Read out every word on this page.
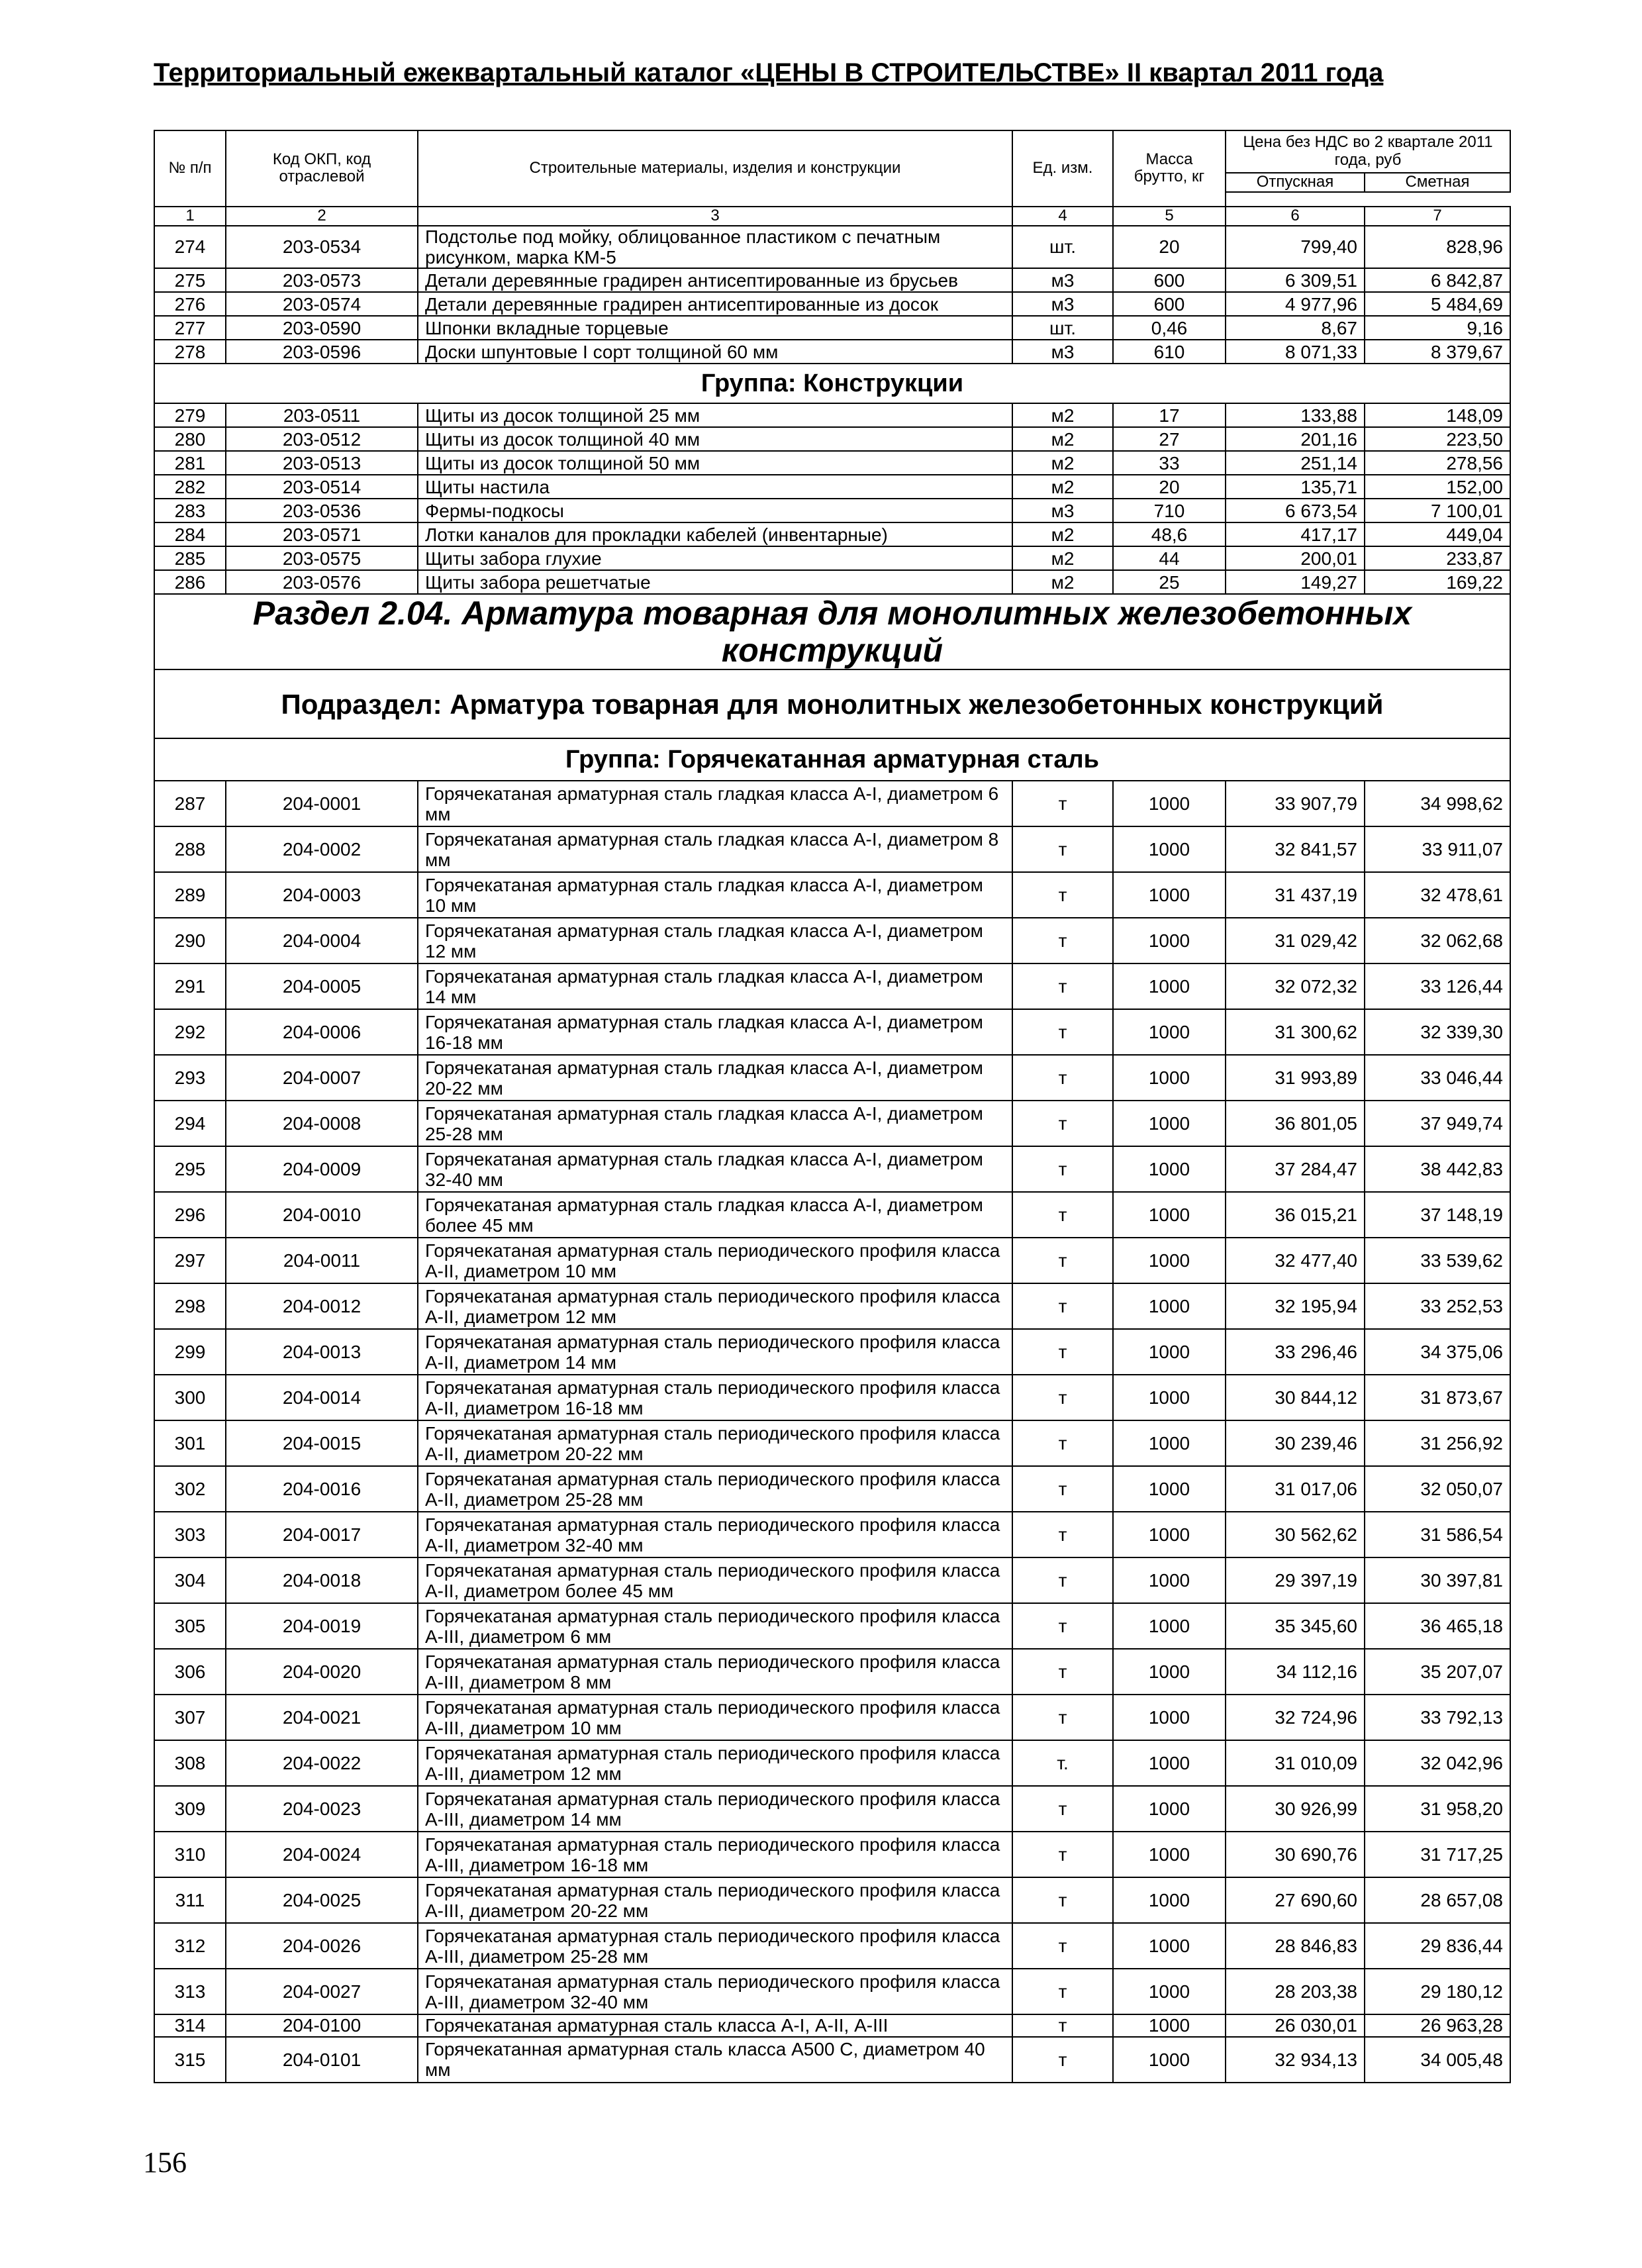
Территориальный ежеквартальный каталог «ЦЕНЫ В СТРОИТЕЛЬСТВЕ» II квартал 2011 года
№ п/п	Код ОКП, код отраслевой	Строительные материалы, изделия и конструкции	Ед. изм.	Масса брутто, кг	Цена без НДС во 2 квартале 2011 года, руб	
					Отпускная	Сметная

1	2	3	4	5	6	7
274	203-0534	Подстолье под мойку, облицованное пластиком с печатным рисунком, марка КМ-5	шт.	20	799,40	828,96
275	203-0573	Детали деревянные градирен антисептированные из брусьев	м3	600	6 309,51	6 842,87
276	203-0574	Детали деревянные градирен антисептированные из досок	м3	600	4 977,96	5 484,69
277	203-0590	Шпонки вкладные торцевые	шт.	0,46	8,67	9,16
278	203-0596	Доски шпунтовые I сорт толщиной 60 мм	м3	610	8 071,33	8 379,67
Группа: Конструкции						
279	203-0511	Щиты из досок толщиной 25 мм	м2	17	133,88	148,09
280	203-0512	Щиты из досок толщиной 40 мм	м2	27	201,16	223,50
281	203-0513	Щиты из досок толщиной 50 мм	м2	33	251,14	278,56
282	203-0514	Щиты настила	м2	20	135,71	152,00
283	203-0536	Фермы-подкосы	м3	710	6 673,54	7 100,01
284	203-0571	Лотки каналов для прокладки кабелей (инвентарные)	м2	48,6	417,17	449,04
285	203-0575	Щиты забора глухие	м2	44	200,01	233,87
286	203-0576	Щиты забора решетчатые	м2	25	149,27	169,22
Раздел 2.04. Арматура товарная для монолитных железобетонных конструкций						
Подраздел: Арматура товарная для монолитных железобетонных конструкций						
Группа: Горячекатанная арматурная сталь						
287	204-0001	Горячекатаная арматурная сталь гладкая класса А-I, диаметром 6 мм	т	1000	33 907,79	34 998,62
288	204-0002	Горячекатаная арматурная сталь гладкая класса А-I, диаметром 8 мм	т	1000	32 841,57	33 911,07
289	204-0003	Горячекатаная арматурная сталь гладкая класса А-I, диаметром 10 мм	т	1000	31 437,19	32 478,61
290	204-0004	Горячекатаная арматурная сталь гладкая класса А-I, диаметром 12 мм	т	1000	31 029,42	32 062,68
291	204-0005	Горячекатаная арматурная сталь гладкая класса А-I, диаметром 14 мм	т	1000	32 072,32	33 126,44
292	204-0006	Горячекатаная арматурная сталь гладкая класса А-I, диаметром 16-18 мм	т	1000	31 300,62	32 339,30
293	204-0007	Горячекатаная арматурная сталь гладкая класса А-I, диаметром 20-22 мм	т	1000	31 993,89	33 046,44
294	204-0008	Горячекатаная арматурная сталь гладкая класса А-I, диаметром 25-28 мм	т	1000	36 801,05	37 949,74
295	204-0009	Горячекатаная арматурная сталь гладкая класса А-I, диаметром 32-40 мм	т	1000	37 284,47	38 442,83
296	204-0010	Горячекатаная арматурная сталь гладкая класса А-I, диаметром более 45 мм	т	1000	36 015,21	37 148,19
297	204-0011	Горячекатаная арматурная сталь периодического профиля класса А-II, диаметром 10 мм	т	1000	32 477,40	33 539,62
298	204-0012	Горячекатаная арматурная сталь периодического профиля класса А-II, диаметром 12 мм	т	1000	32 195,94	33 252,53
299	204-0013	Горячекатаная арматурная сталь периодического профиля класса А-II, диаметром 14 мм	т	1000	33 296,46	34 375,06
300	204-0014	Горячекатаная арматурная сталь периодического профиля класса А-II, диаметром 16-18 мм	т	1000	30 844,12	31 873,67
301	204-0015	Горячекатаная арматурная сталь периодического профиля класса А-II, диаметром 20-22 мм	т	1000	30 239,46	31 256,92
302	204-0016	Горячекатаная арматурная сталь периодического профиля класса А-II, диаметром 25-28 мм	т	1000	31 017,06	32 050,07
303	204-0017	Горячекатаная арматурная сталь периодического профиля класса А-II, диаметром 32-40 мм	т	1000	30 562,62	31 586,54
304	204-0018	Горячекатаная арматурная сталь периодического профиля класса А-II, диаметром более 45 мм	т	1000	29 397,19	30 397,81
305	204-0019	Горячекатаная арматурная сталь периодического профиля класса А-III, диаметром 6 мм	т	1000	35 345,60	36 465,18
306	204-0020	Горячекатаная арматурная сталь периодического профиля класса А-III, диаметром 8 мм	т	1000	34 112,16	35 207,07
307	204-0021	Горячекатаная арматурная сталь периодического профиля класса А-III, диаметром 10 мм	т	1000	32 724,96	33 792,13
308	204-0022	Горячекатаная арматурная сталь периодического профиля класса А-III, диаметром 12 мм	т.	1000	31 010,09	32 042,96
309	204-0023	Горячекатаная арматурная сталь периодического профиля класса А-III, диаметром 14 мм	т	1000	30 926,99	31 958,20
310	204-0024	Горячекатаная арматурная сталь периодического профиля класса А-III, диаметром 16-18 мм	т	1000	30 690,76	31 717,25
311	204-0025	Горячекатаная арматурная сталь периодического профиля класса А-III, диаметром 20-22 мм	т	1000	27 690,60	28 657,08
312	204-0026	Горячекатаная арматурная сталь периодического профиля класса А-III, диаметром 25-28 мм	т	1000	28 846,83	29 836,44
313	204-0027	Горячекатаная арматурная сталь периодического профиля класса А-III, диаметром 32-40 мм	т	1000	28 203,38	29 180,12
314	204-0100	Горячекатаная арматурная сталь класса А-I, А-II, А-III	т	1000	26 030,01	26 963,28
315	204-0101	Горячекатанная арматурная сталь класса А500 С, диаметром 40 мм	т	1000	32 934,13	34 005,48
156
